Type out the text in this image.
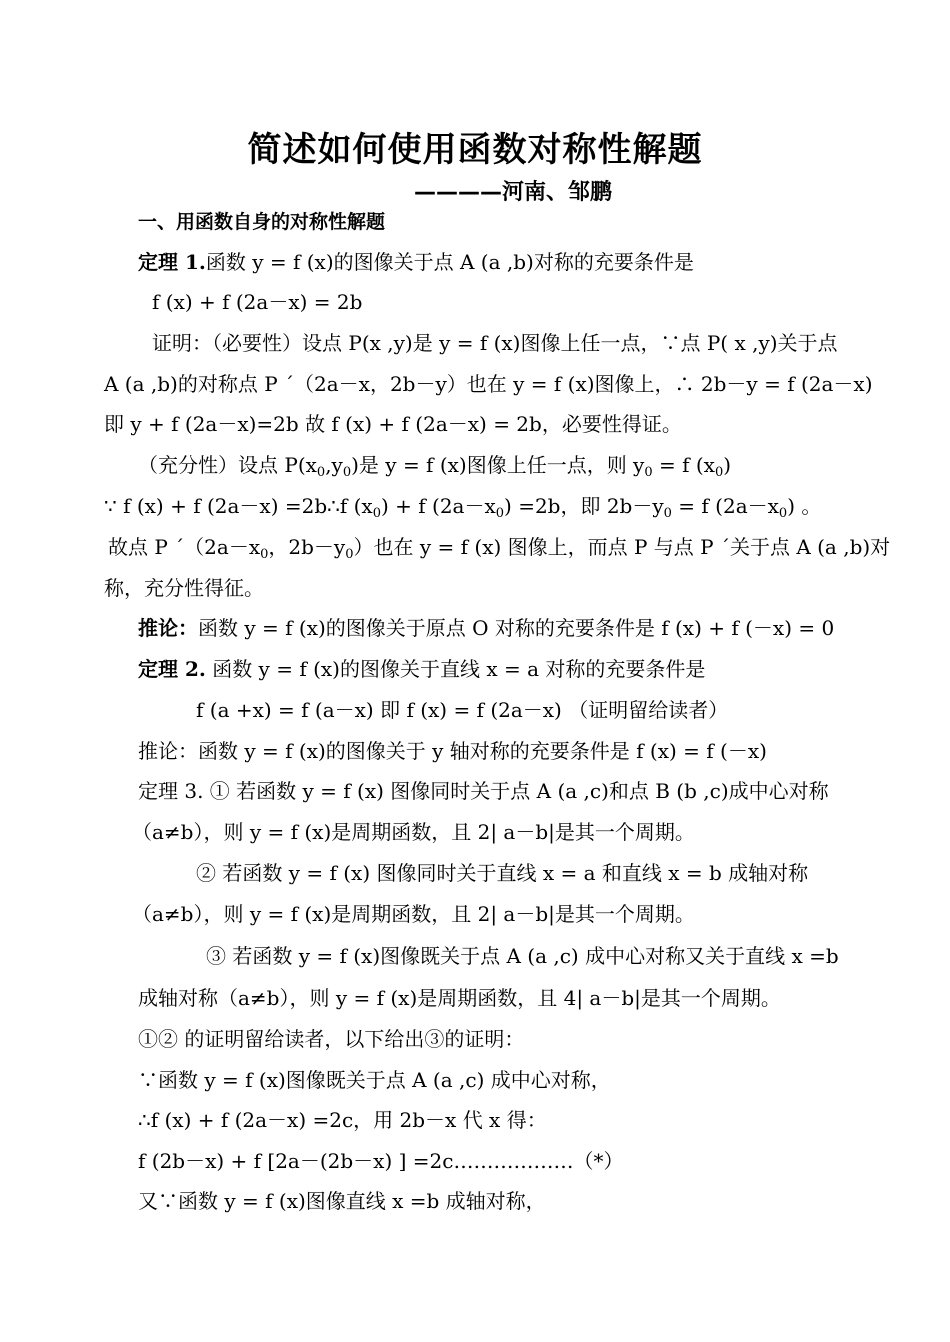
简述如何使用函数对称性解题
————河南、邹鹏
一、用函数自身的对称性解题
定理 1.函数 y = f (x)的图像关于点 A (a ,b)对称的充要条件是
f (x) + f (2a－x) = 2b
证明：（必要性）设点 P(x ,y)是 y = f (x)图像上任一点，∵点 P( x ,y)关于点
A (a ,b)的对称点 P ˊ（2a－x，2b－y）也在 y = f (x)图像上，∴ 2b－y = f (2a－x)
即 y + f (2a－x)=2b 故 f (x) + f (2a－x) = 2b，必要性得证。
（充分性）设点 $P(x_0,y_0)$是 y = f (x)图像上任一点，则 $y_0 = f$ $(x_0)$
∵ f (x) + f (2a－x) =2b∴f $(x_0) + f$ $(2a-x_0) =2b$，即 $2b-y_0 = f$ $(2a-x_0)$ 。
故点 P $ˊ(2a-x_0$，$2b-y_0$）也在 y = f (x) 图像上，而点 P 与点 P ˊ关于点 A (a ,b)对
称，充分性得征。
推论：函数 y = f (x)的图像关于原点 O 对称的充要条件是 f (x) + f (－x) = 0
定理 2. 函数 y = f (x)的图像关于直线 x = a 对称的充要条件是
f (a +x) = f (a－x) 即 f (x) = f (2a－x) （证明留给读者）
推论：函数 y = f (x)的图像关于 y 轴对称的充要条件是 f (x) = f (－x)
定理 3. ① 若函数 y = f (x) 图像同时关于点 A (a ,c)和点 B (b ,c)成中心对称
（a≠b），则 y = f (x)是周期函数，且 2| a－b|是其一个周期。
② 若函数 y = f (x) 图像同时关于直线 x = a 和直线 x = b 成轴对称
（a≠b），则 y = f (x)是周期函数，且 2| a－b|是其一个周期。
③ 若函数 y = f (x)图像既关于点 A (a ,c) 成中心对称又关于直线 x =b
成轴对称（a≠b），则 y = f (x)是周期函数，且 4| a－b|是其一个周期。
①② 的证明留给读者，以下给出③的证明：
∵函数 y = f (x)图像既关于点 A (a ,c) 成中心对称，
∴f (x) + f (2a－x) =2c，用 2b－x 代 x 得：
f (2b－x) + f [2a－(2b－x) ] =2c………………（*）
又∵函数 y = f (x)图像直线 x =b 成轴对称，
